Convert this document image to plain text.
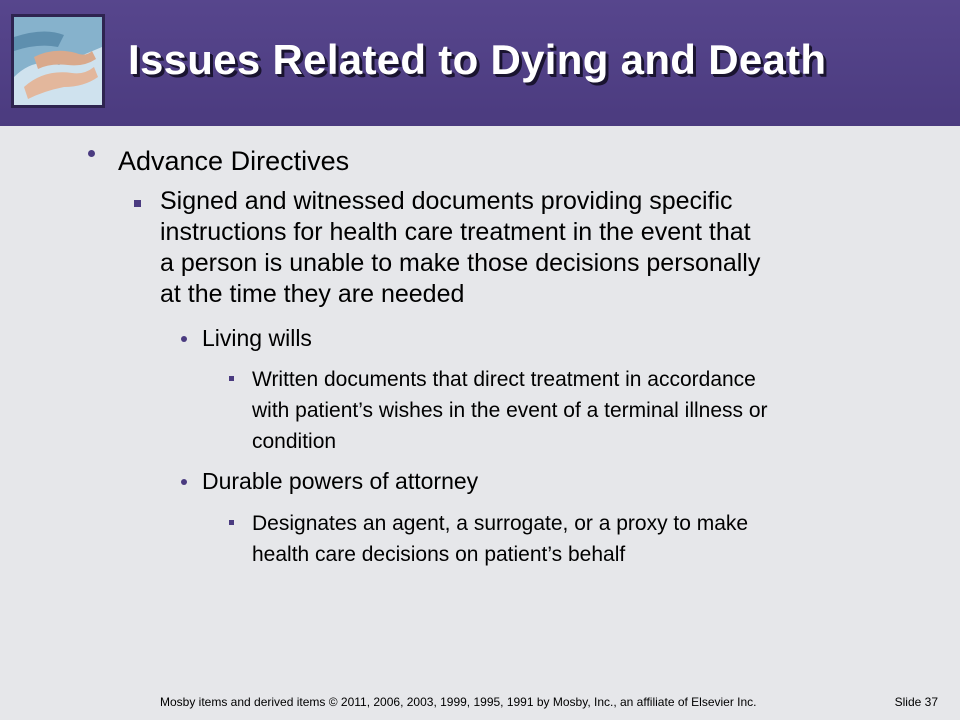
Issues Related to Dying and Death

Advance Directives

Signed and witnessed documents providing specific

instructions for health care treatment in the event that

a person is unable to make those decisions personally

at the time they are needed

Living wills

Written documents that direct treatment in accordance

with patient’s wishes in the event of a terminal illness or

condition

Durable powers of attorney

Designates an agent, a surrogate, or a proxy to make

health care decisions on patient’s behalf

Mosby items and derived items © 2011, 2006, 2003, 1999, 1995, 1991 by Mosby, Inc., an affiliate of Elsevier Inc.	Slide 37
